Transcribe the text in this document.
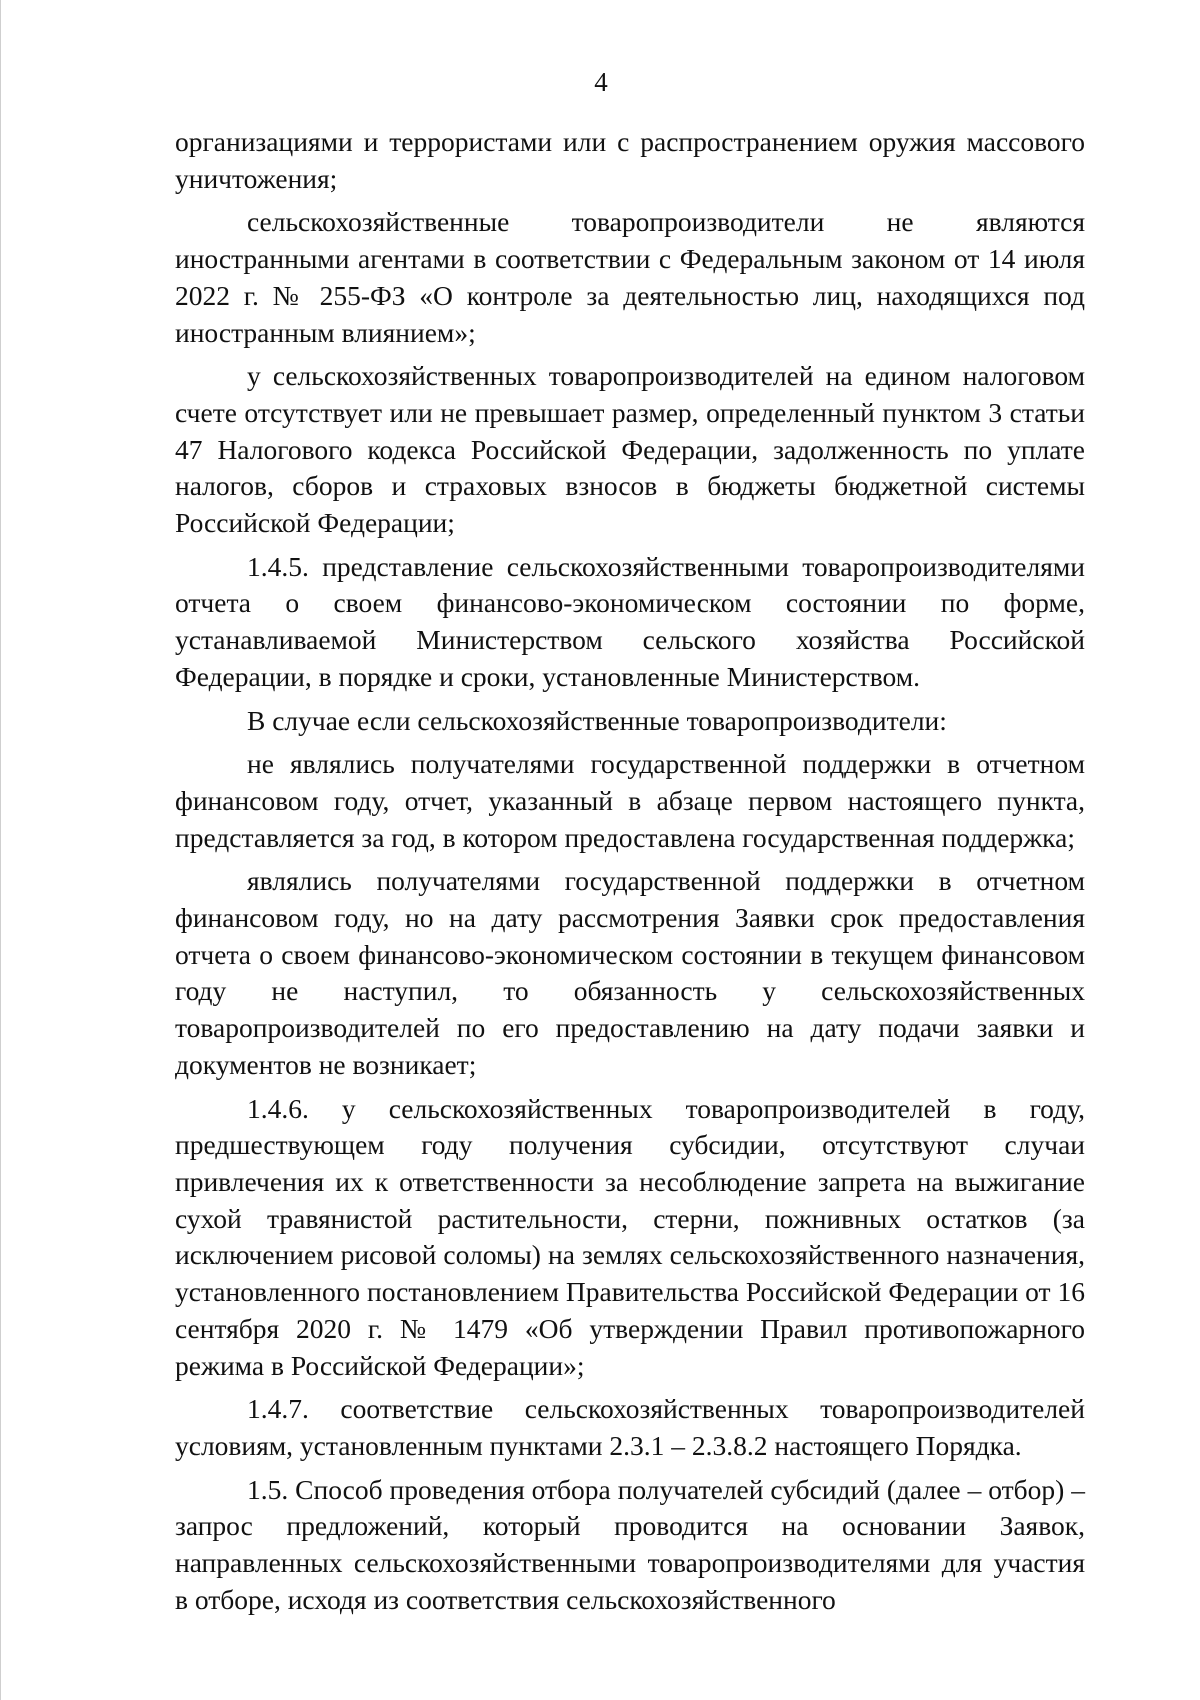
4

организациями и террористами или с распространением оружия массового уничтожения;

сельскохозяйственные товаропроизводители не являются иностранными агентами в соответствии с Федеральным законом от 14 июля 2022 г. № 255-ФЗ «О контроле за деятельностью лиц, находящихся под иностранным влиянием»;

у сельскохозяйственных товаропроизводителей на едином налоговом счете отсутствует или не превышает размер, определенный пунктом 3 статьи 47 Налогового кодекса Российской Федерации, задолженность по уплате налогов, сборов и страховых взносов в бюджеты бюджетной системы Российской Федерации;

1.4.5. представление сельскохозяйственными товаропроизводителями отчета о своем финансово-экономическом состоянии по форме, устанавливаемой Министерством сельского хозяйства Российской Федерации, в порядке и сроки, установленные Министерством.

В случае если сельскохозяйственные товаропроизводители:

не являлись получателями государственной поддержки в отчетном финансовом году, отчет, указанный в абзаце первом настоящего пункта, представляется за год, в котором предоставлена государственная поддержка;

являлись получателями государственной поддержки в отчетном финансовом году, но на дату рассмотрения Заявки срок предоставления отчета о своем финансово-экономическом состоянии в текущем финансовом году не наступил, то обязанность у сельскохозяйственных товаропроизводителей по его предоставлению на дату подачи заявки и документов не возникает;

1.4.6. у сельскохозяйственных товаропроизводителей в году, предшествующем году получения субсидии, отсутствуют случаи привлечения их к ответственности за несоблюдение запрета на выжигание сухой травянистой растительности, стерни, пожнивных остатков (за исключением рисовой соломы) на землях сельскохозяйственного назначения, установленного постановлением Правительства Российской Федерации от 16 сентября 2020 г. № 1479 «Об утверждении Правил противопожарного режима в Российской Федерации»;

1.4.7. соответствие сельскохозяйственных товаропроизводителей условиям, установленным пунктами 2.3.1 – 2.3.8.2 настоящего Порядка.

1.5. Способ проведения отбора получателей субсидий (далее – отбор) – запрос предложений, который проводится на основании Заявок, направленных сельскохозяйственными товаропроизводителями для участия в отборе, исходя из соответствия сельскохозяйственного
